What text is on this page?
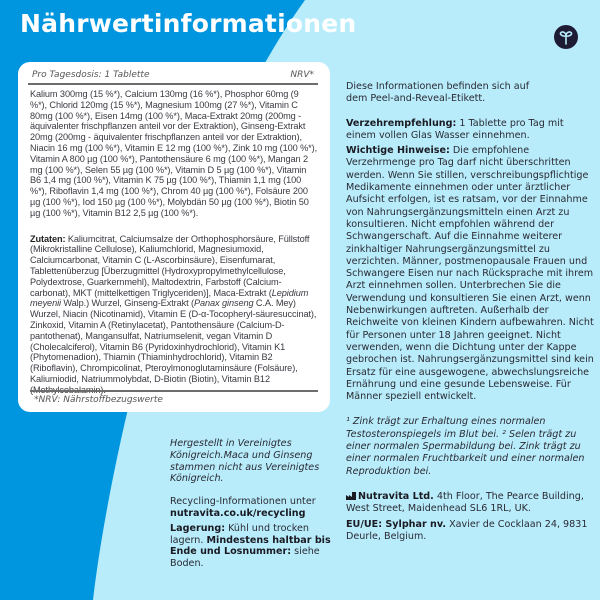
Nährwertinformationen
Pro Tagesdosis: 1 Tablette	NRV*

Kalium 300mg (15 %*), Calcium 130mg (16 %*), Phosphor 60mg (9 %*), Chlorid 120mg (15 %*), Magnesium 100mg (27 %*), Vitamin C 80mg (100 %*), Eisen 14mg (100 %*), Maca-Extrakt 20mg (200mg - äquivalenter frischpflanzen anteil vor der Extraktion), Ginseng-Extrakt 20mg (200mg - äquivalenter frischpflanzen anteil vor der Extraktion), Niacin 16 mg (100 %*), Vitamin E 12 mg (100 %*), Zink 10 mg (100 %*), Vitamin A 800 µg (100 %*), Pantothensäure 6 mg (100 %*), Mangan 2 mg (100 %*), Selen 55 µg (100 %*), Vitamin D 5 µg (100 %*), Vitamin B6 1,4 mg (100 %*), Vitamin K 75 µg (100 %*), Thiamin 1,1 mg (100 %*), Riboflavin 1,4 mg (100 %*), Chrom 40 µg (100 %*), Folsäure 200 µg (100 %*), Iod 150 µg (100 %*), Molybdän 50 µg (100 %*), Biotin 50 µg (100 %*), Vitamin B12 2,5 µg (100 %*).

Zutaten: Kaliumcitrat, Calciumsalze der Orthophosphorsäure, Füllstoff (Mikrokristalline Cellulose), Kaliumchlorid, Magnesiumoxid, Calciumcarbonat, Vitamin C (L-Ascorbinsäure), Eisenfumarat, Tablettenüberzug [Überzugmittel (Hydroxypropylmethylcellulose, Polydextrose, Guarkernmehl), Maltodextrin, Farbstoff (Calcium-carbonat), MKT (mittelkettigen Triglyceriden)], Maca-Extrakt (Lepidium meyenii Walp.) Wurzel, Ginseng-Extrakt (Panax ginseng C.A. Mey) Wurzel, Niacin (Nicotinamid), Vitamin E (D-α-Tocopheryl-säuresuccinat), Zinkoxid, Vitamin A (Retinylacetat), Pantothensäure (Calcium-D-pantothenat), Mangansulfat, Natriumselenit, vegan Vitamin D (Cholecalciferol), Vitamin B6 (Pyridoxinhydrochlorid), Vitamin K1 (Phytomenadion), Thiamin (Thiaminhydrochlorid), Vitamin B2 (Riboflavin), Chrompicolinat, Pteroylmonoglutaminsäure (Folsäure), Kaliumiodid, Natriummolybdat, D-Biotin (Biotin), Vitamin B12 (Methylcobalamin).

*NRV: Nährstoffbezugswerte

Hergestellt in Vereinigtes Königreich.Maca und Ginseng stammen nicht aus Vereinigtes Königreich.

Recycling-Informationen unter
nutravita.co.uk/recycling

Lagerung: Kühl und trocken lagern. Mindestens haltbar bis Ende und Losnummer: siehe Boden.

Diese Informationen befinden sich auf dem Peel-and-Reveal-Etikett.

Verzehrempfehlung: 1 Tablette pro Tag mit einem vollen Glas Wasser einnehmen.

Wichtige Hinweise: Die empfohlene Verzehrmenge pro Tag darf nicht überschritten werden. Wenn Sie stillen, verschreibungspflichtige Medikamente einnehmen oder unter ärztlicher Aufsicht erfolgen, ist es ratsam, vor der Einnahme von Nahrungsergänzungsmitteln einen Arzt zu konsultieren. Nicht empfohlen während der Schwangerschaft. Auf die Einnahme weiterer zinkhaltiger Nahrungsergänzungsmittel zu verzichten. Männer, postmenopausale Frauen und Schwangere Eisen nur nach Rücksprache mit ihrem Arzt einnehmen sollen. Unterbrechen Sie die Verwendung und konsultieren Sie einen Arzt, wenn Nebenwirkungen auftreten. Außerhalb der Reichweite von kleinen Kindern aufbewahren. Nicht für Personen unter 18 Jahren geeignet. Nicht verwenden, wenn die Dichtung unter der Kappe gebrochen ist. Nahrungsergänzungsmittel sind kein Ersatz für eine ausgewogene, abwechslungsreiche Ernährung und eine gesunde Lebensweise. Für Männer speziell entwickelt.

¹ Zink trägt zur Erhaltung eines normalen Testosteronspiegels im Blut bei. ² Selen trägt zu einer normalen Spermabildung bei. Zink trägt zu einer normalen Fruchtbarkeit und einer normalen Reproduktion bei.

Nutravita Ltd. 4th Floor, The Pearce Building, West Street, Maidenhead SL6 1RL, UK.

EU/UE: Sylphar nv. Xavier de Cocklaan 24, 9831 Deurle, Belgium.
